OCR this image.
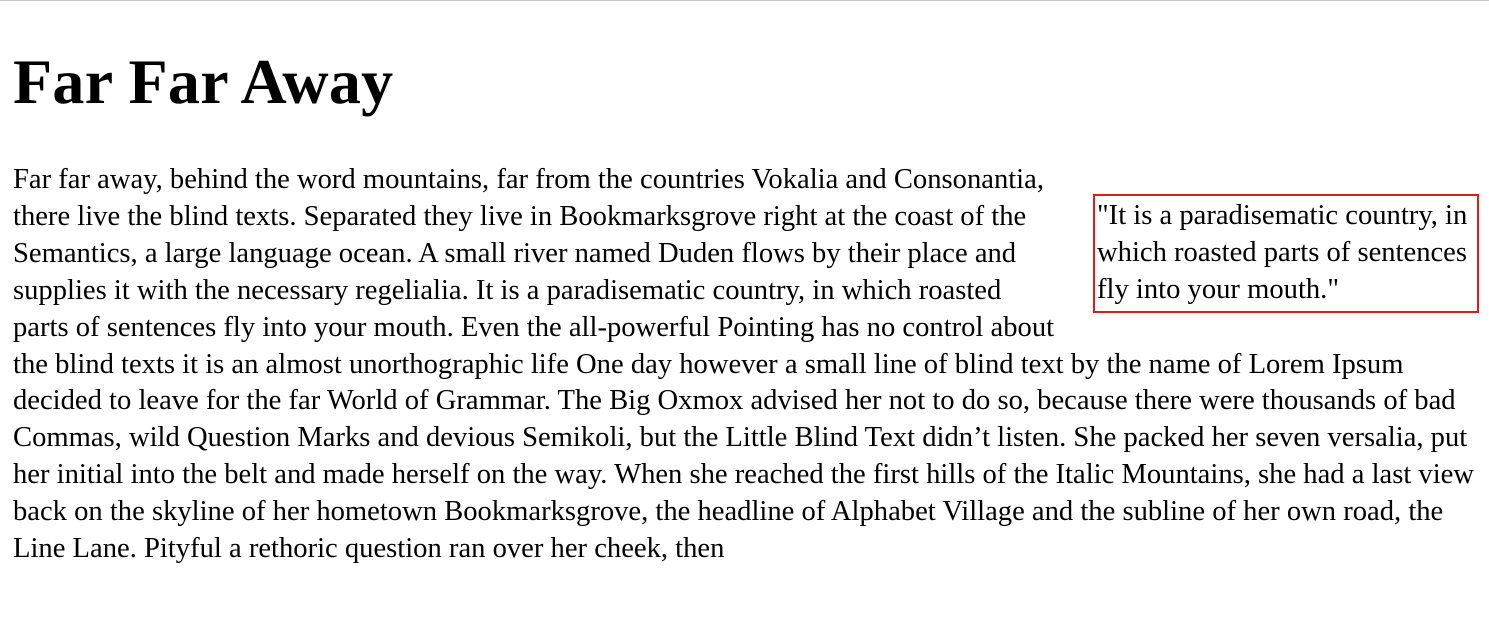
Far Far Away
"It is a paradisematic country, in which roasted parts of sentences fly into your mouth."
Far far away, behind the word mountains, far from the countries Vokalia and Consonantia, there live the blind texts. Separated they live in Bookmarksgrove right at the coast of the Semantics, a large language ocean. A small river named Duden flows by their place and supplies it with the necessary regelialia. It is a paradisematic country, in which roasted parts of sentences fly into your mouth. Even the all-powerful Pointing has no control about the blind texts it is an almost unorthographic life One day however a small line of blind text by the name of Lorem Ipsum decided to leave for the far World of Grammar. The Big Oxmox advised her not to do so, because there were thousands of bad Commas, wild Question Marks and devious Semikoli, but the Little Blind Text didn’t listen. She packed her seven versalia, put her initial into the belt and made herself on the way. When she reached the first hills of the Italic Mountains, she had a last view back on the skyline of her hometown Bookmarksgrove, the headline of Alphabet Village and the subline of her own road, the Line Lane. Pityful a rethoric question ran over her cheek, then
